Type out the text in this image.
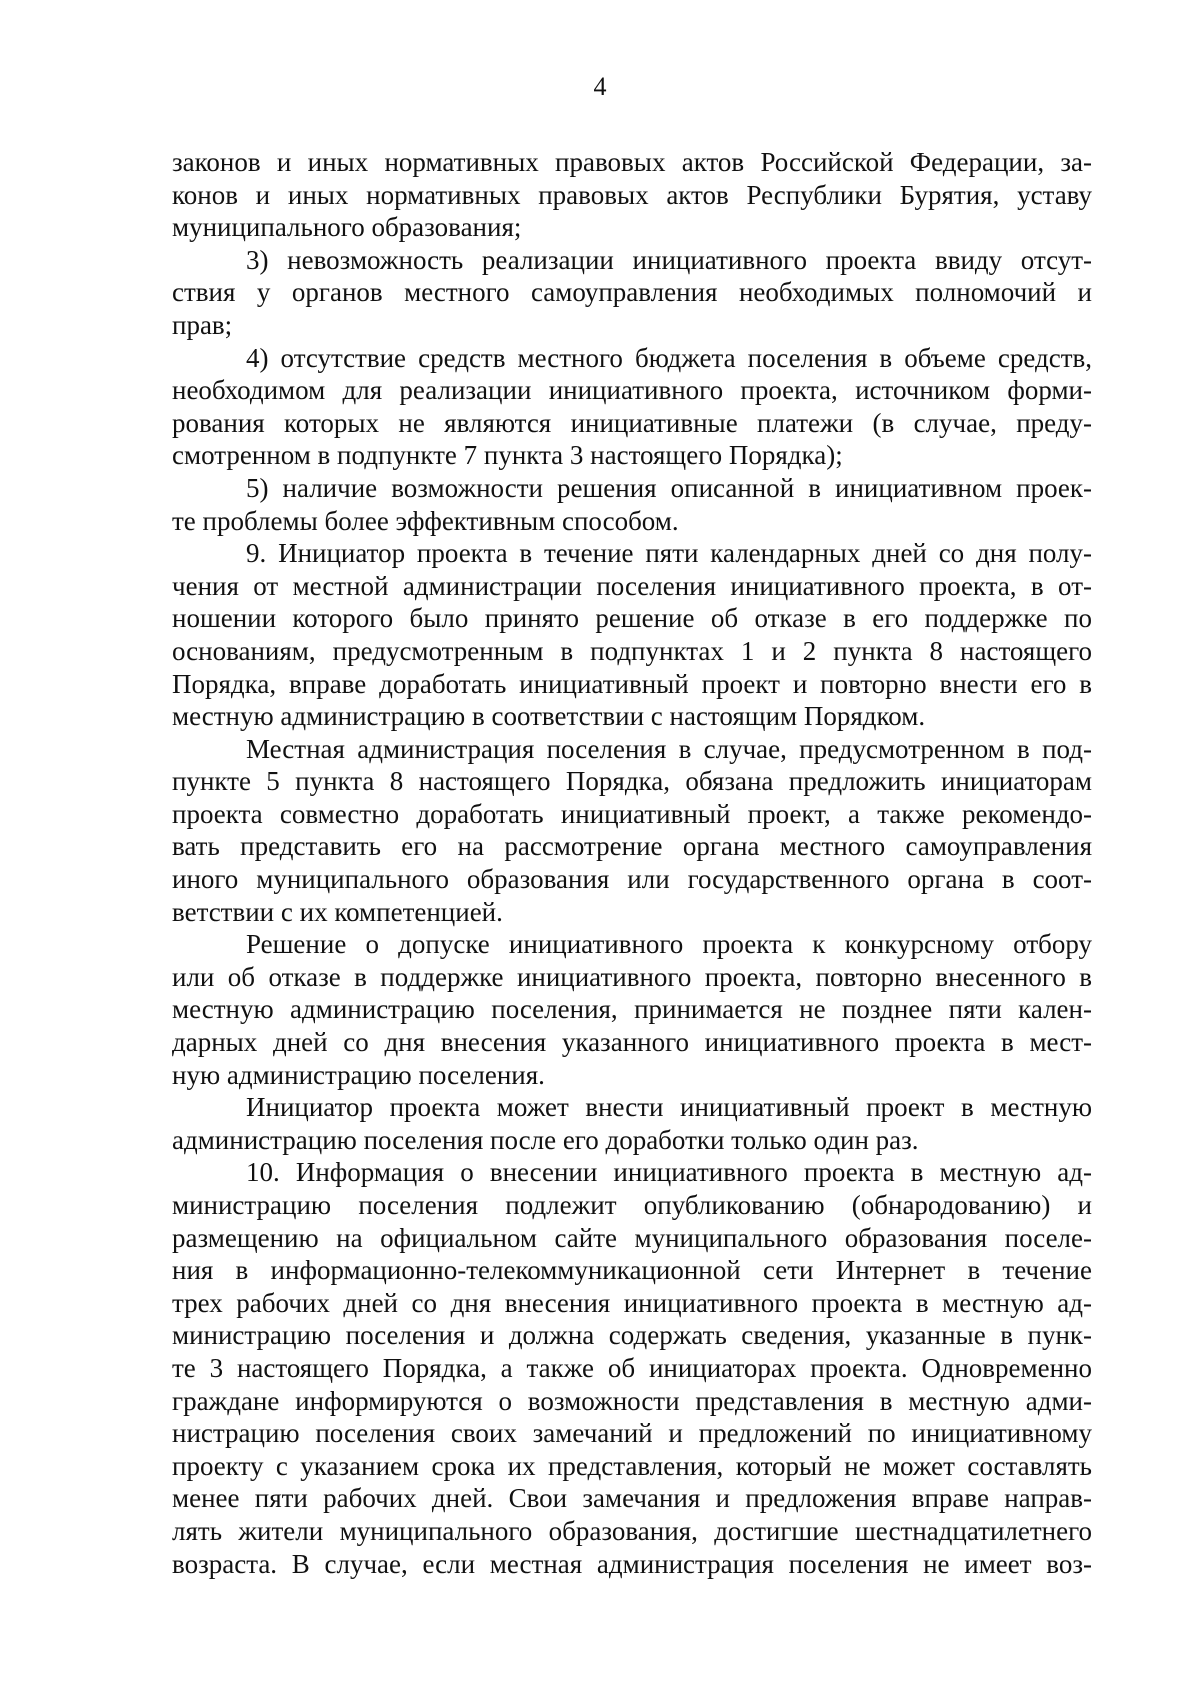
4
законов и иных нормативных правовых актов Российской Федерации, за-
конов и иных нормативных правовых актов Республики Бурятия, уставу
муниципального образования;
3) невозможность реализации инициативного проекта ввиду отсут-
ствия у органов местного самоуправления необходимых полномочий и
прав;
4) отсутствие средств местного бюджета поселения в объеме средств,
необходимом для реализации инициативного проекта, источником форми-
рования которых не являются инициативные платежи (в случае, преду-
смотренном в подпункте 7 пункта 3 настоящего Порядка);
5) наличие возможности решения описанной в инициативном проек-
те проблемы более эффективным способом.
9. Инициатор проекта в течение пяти календарных дней со дня полу-
чения от местной администрации поселения инициативного проекта, в от-
ношении которого было принято решение об отказе в его поддержке по
основаниям, предусмотренным в подпунктах 1 и 2 пункта 8 настоящего
Порядка, вправе доработать инициативный проект и повторно внести его в
местную администрацию в соответствии с настоящим Порядком.
Местная администрация поселения в случае, предусмотренном в под-
пункте 5 пункта 8 настоящего Порядка, обязана предложить инициаторам
проекта совместно доработать инициативный проект, а также рекомендо-
вать представить его на рассмотрение органа местного самоуправления
иного муниципального образования или государственного органа в соот-
ветствии с их компетенцией.
Решение о допуске инициативного проекта к конкурсному отбору
или об отказе в поддержке инициативного проекта, повторно внесенного в
местную администрацию поселения, принимается не позднее пяти кален-
дарных дней со дня внесения указанного инициативного проекта в мест-
ную администрацию поселения.
Инициатор проекта может внести инициативный проект в местную
администрацию поселения после его доработки только один раз.
10. Информация о внесении инициативного проекта в местную ад-
министрацию поселения подлежит опубликованию (обнародованию) и
размещению на официальном сайте муниципального образования поселе-
ния в информационно-телекоммуникационной сети Интернет в течение
трех рабочих дней со дня внесения инициативного проекта в местную ад-
министрацию поселения и должна содержать сведения, указанные в пунк-
те 3 настоящего Порядка, а также об инициаторах проекта. Одновременно
граждане информируются о возможности представления в местную адми-
нистрацию поселения своих замечаний и предложений по инициативному
проекту с указанием срока их представления, который не может составлять
менее пяти рабочих дней. Свои замечания и предложения вправе направ-
лять жители муниципального образования, достигшие шестнадцатилетнего
возраста. В случае, если местная администрация поселения не имеет воз-
